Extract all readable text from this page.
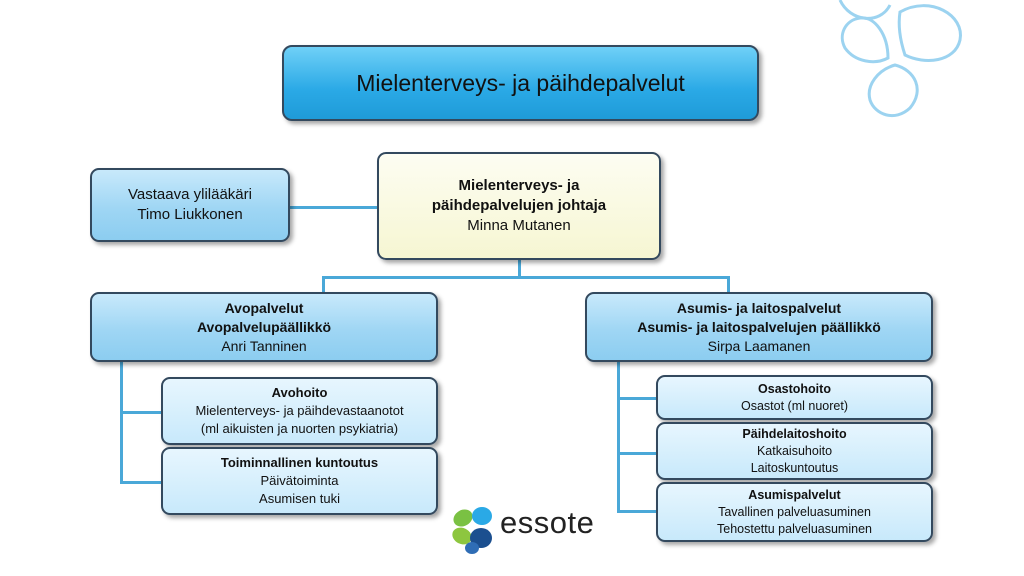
Mielenterveys- ja päihdepalvelut
Mielenterveys- ja
päihdepalvelujen johtaja
Minna Mutanen
Vastaava ylilääkäri
Timo Liukkonen
Avopalvelut
Avopalvelupäällikkö
Anri Tanninen
Avohoito
Mielenterveys- ja päihdevastaanotot
(ml aikuisten ja nuorten psykiatria)
Toiminnallinen kuntoutus
Päivätoiminta
Asumisen tuki
Asumis- ja laitospalvelut
Asumis- ja laitospalvelujen päällikkö
Sirpa Laamanen
Osastohoito
Osastot (ml nuoret)
Päihdelaitoshoito
Katkaisuhoito
Laitoskuntoutus
Asumispalvelut
Tavallinen palveluasuminen
Tehostettu palveluasuminen
essote
